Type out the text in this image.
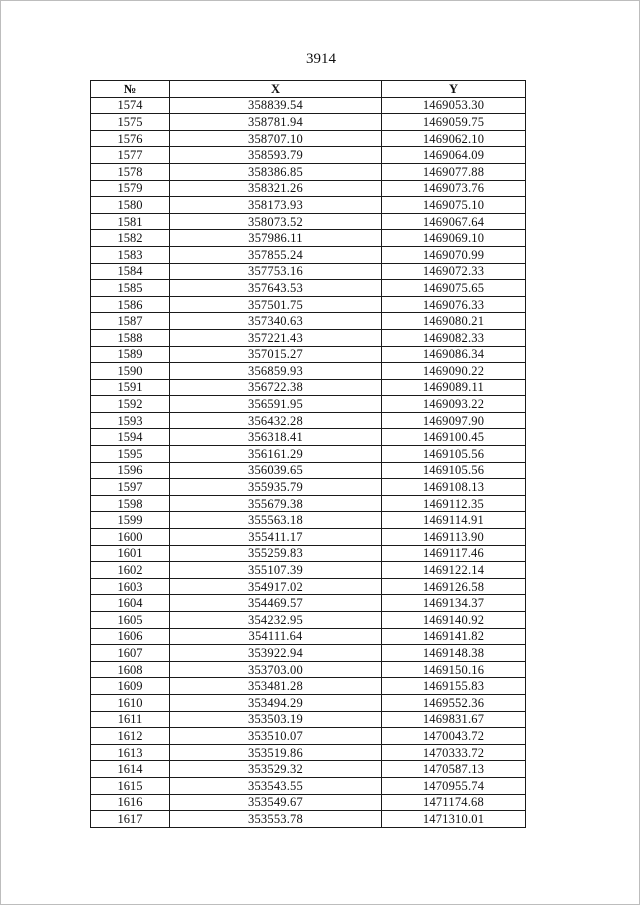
3914
№	X	Y
1574	358839.54	1469053.30
1575	358781.94	1469059.75
1576	358707.10	1469062.10
1577	358593.79	1469064.09
1578	358386.85	1469077.88
1579	358321.26	1469073.76
1580	358173.93	1469075.10
1581	358073.52	1469067.64
1582	357986.11	1469069.10
1583	357855.24	1469070.99
1584	357753.16	1469072.33
1585	357643.53	1469075.65
1586	357501.75	1469076.33
1587	357340.63	1469080.21
1588	357221.43	1469082.33
1589	357015.27	1469086.34
1590	356859.93	1469090.22
1591	356722.38	1469089.11
1592	356591.95	1469093.22
1593	356432.28	1469097.90
1594	356318.41	1469100.45
1595	356161.29	1469105.56
1596	356039.65	1469105.56
1597	355935.79	1469108.13
1598	355679.38	1469112.35
1599	355563.18	1469114.91
1600	355411.17	1469113.90
1601	355259.83	1469117.46
1602	355107.39	1469122.14
1603	354917.02	1469126.58
1604	354469.57	1469134.37
1605	354232.95	1469140.92
1606	354111.64	1469141.82
1607	353922.94	1469148.38
1608	353703.00	1469150.16
1609	353481.28	1469155.83
1610	353494.29	1469552.36
1611	353503.19	1469831.67
1612	353510.07	1470043.72
1613	353519.86	1470333.72
1614	353529.32	1470587.13
1615	353543.55	1470955.74
1616	353549.67	1471174.68
1617	353553.78	1471310.01
